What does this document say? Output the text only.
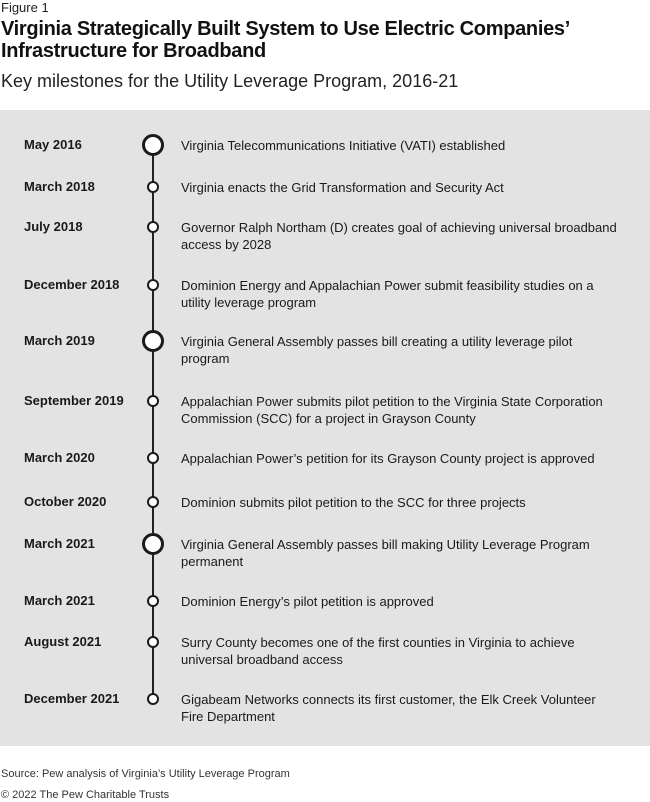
Figure 1
Virginia Strategically Built System to Use Electric Companies’ Infrastructure for Broadband
Key milestones for the Utility Leverage Program, 2016-21
May 2016	Virginia Telecommunications Initiative (VATI) established
March 2018	Virginia enacts the Grid Transformation and Security Act
July 2018	Governor Ralph Northam (D) creates goal of achieving universal broadband access by 2028
December 2018	Dominion Energy and Appalachian Power submit feasibility studies on a utility leverage program
March 2019	Virginia General Assembly passes bill creating a utility leverage pilot program
September 2019	Appalachian Power submits pilot petition to the Virginia State Corporation Commission (SCC) for a project in Grayson County
March 2020	Appalachian Power’s petition for its Grayson County project is approved
October 2020	Dominion submits pilot petition to the SCC for three projects
March 2021	Virginia General Assembly passes bill making Utility Leverage Program permanent
March 2021	Dominion Energy’s pilot petition is approved
August 2021	Surry County becomes one of the first counties in Virginia to achieve universal broadband access
December 2021	Gigabeam Networks connects its first customer, the Elk Creek Volunteer Fire Department
Source: Pew analysis of Virginia’s Utility Leverage Program
© 2022 The Pew Charitable Trusts
